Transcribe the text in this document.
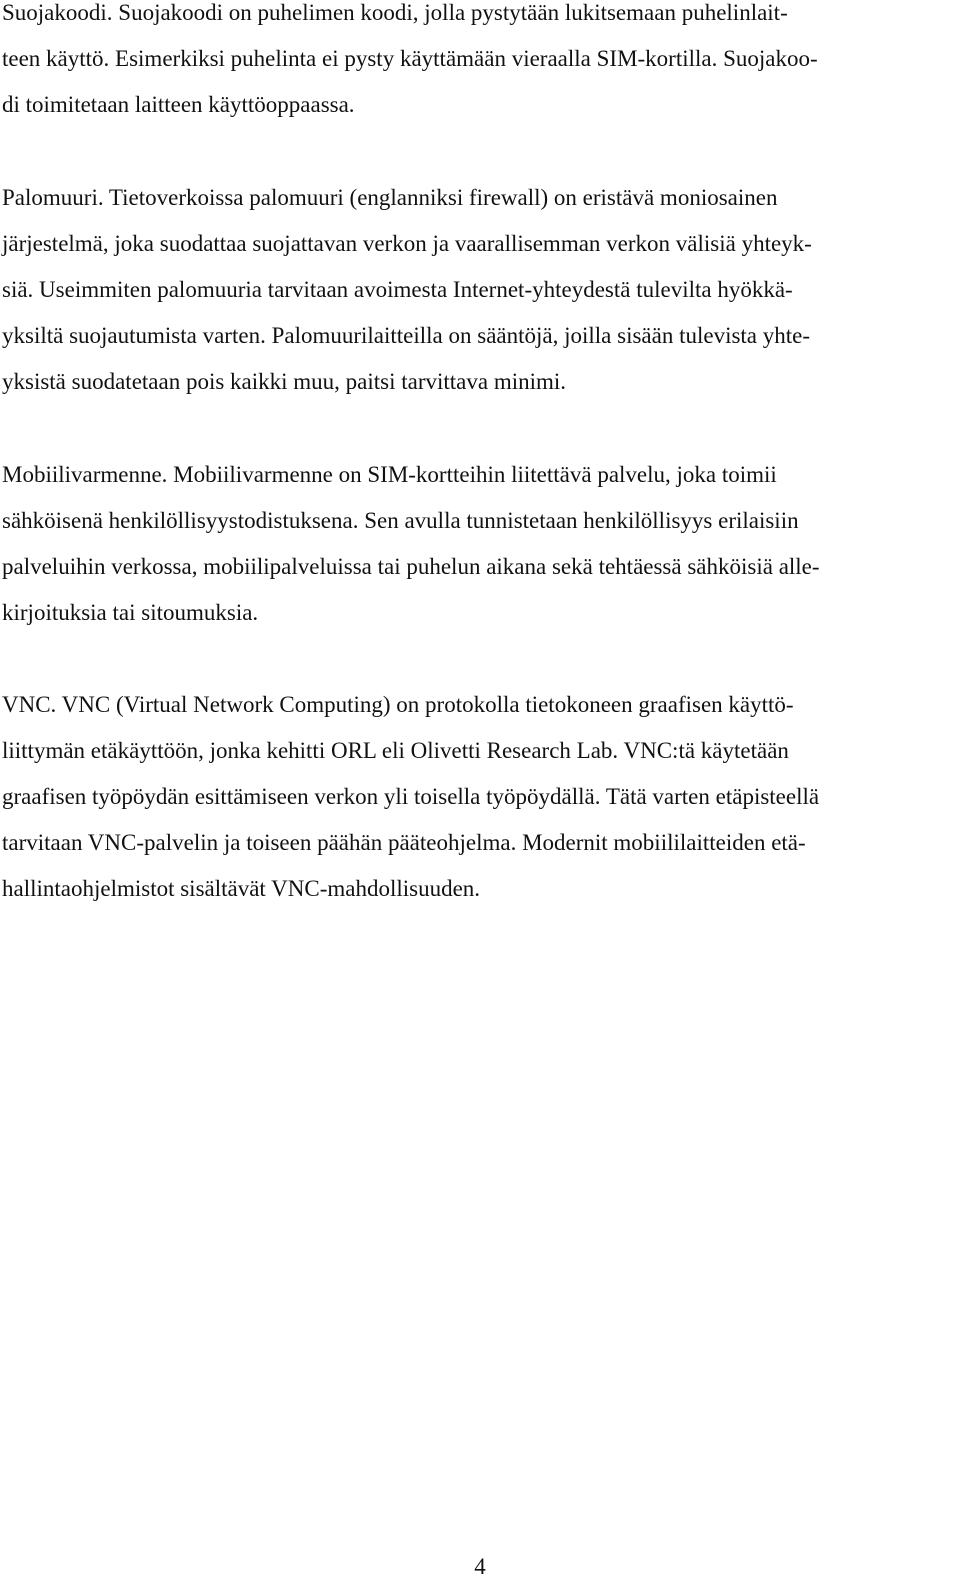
Suojakoodi. Suojakoodi on puhelimen koodi, jolla pystytään lukitsemaan puhelinlait-

teen käyttö. Esimerkiksi puhelinta ei pysty käyttämään vieraalla SIM-kortilla. Suojakoo-

di toimitetaan laitteen käyttöoppaassa.

Palomuuri. Tietoverkoissa palomuuri (englanniksi firewall) on eristävä moniosainen

järjestelmä, joka suodattaa suojattavan verkon ja vaarallisemman verkon välisiä yhteyk-

siä. Useimmiten palomuuria tarvitaan avoimesta Internet-yhteydestä tulevilta hyökkä-

yksiltä suojautumista varten. Palomuurilaitteilla on sääntöjä, joilla sisään tulevista yhte-

yksistä suodatetaan pois kaikki muu, paitsi tarvittava minimi.

Mobiilivarmenne. Mobiilivarmenne on SIM-kortteihin liitettävä palvelu, joka toimii

sähköisenä henkilöllisyystodistuksena. Sen avulla tunnistetaan henkilöllisyys erilaisiin

palveluihin verkossa, mobiilipalveluissa tai puhelun aikana sekä tehtäessä sähköisiä alle-

kirjoituksia tai sitoumuksia.

VNC. VNC (Virtual Network Computing) on protokolla tietokoneen graafisen käyttö-

liittymän etäkäyttöön, jonka kehitti ORL eli Olivetti Research Lab. VNC:tä käytetään

graafisen työpöydän esittämiseen verkon yli toisella työpöydällä. Tätä varten etäpisteellä

tarvitaan VNC-palvelin ja toiseen päähän pääteohjelma. Modernit mobiililaitteiden etä-

hallintaohjelmistot sisältävät VNC-mahdollisuuden.

4
